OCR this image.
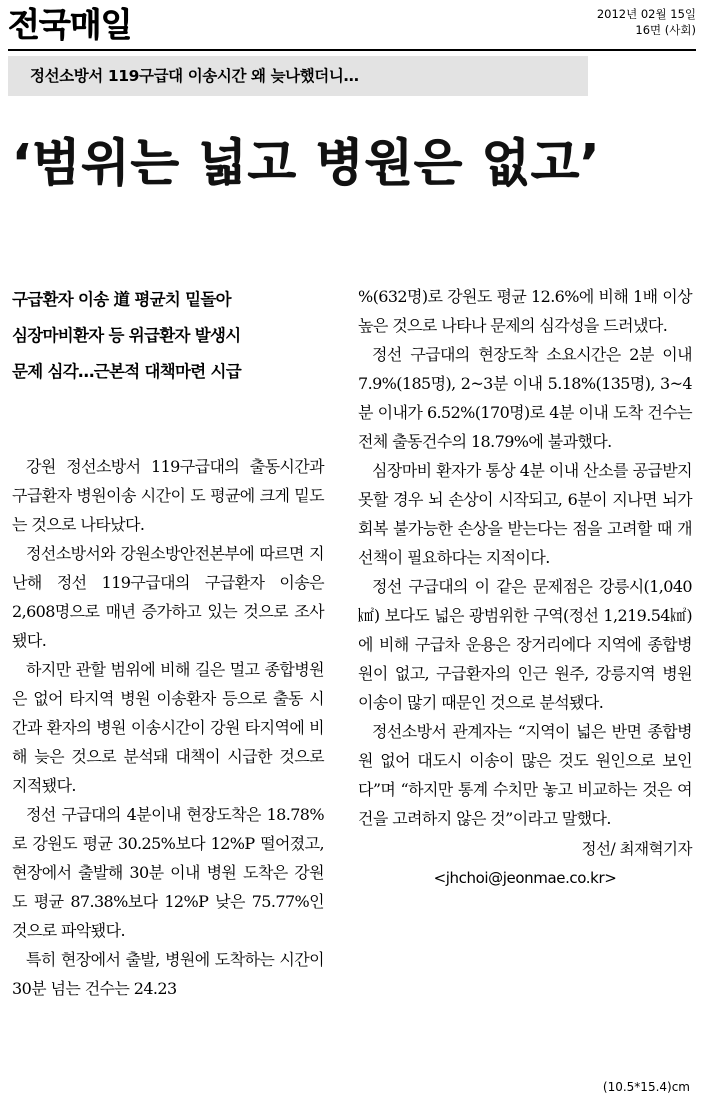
전국매일	2012년 02월 15일
16면 (사회)
정선소방서 119구급대 이송시간 왜 늦나했더니…
‘범위는 넓고 병원은 없고’
구급환자 이송 道 평균치 밑돌아
심장마비환자 등 위급환자 발생시
문제 심각…근본적 대책마련 시급

강원 정선소방서 119구급대의 출동시간과 구급환자 병원이송 시간이 도 평균에 크게 밑도는 것으로 나타났다.

정선소방서와 강원소방안전본부에 따르면 지난해 정선 119구급대의 구급환자 이송은 2,608명으로 매년 증가하고 있는 것으로 조사됐다.

하지만 관할 범위에 비해 길은 멀고 종합병원은 없어 타지역 병원 이송환자 등으로 출동 시간과 환자의 병원 이송시간이 강원 타지역에 비해 늦은 것으로 분석돼 대책이 시급한 것으로 지적됐다.

정선 구급대의 4분이내 현장도착은 18.78%로 강원도 평균 30.25%보다 12%P 떨어졌고, 현장에서 출발해 30분 이내 병원 도착은 강원도 평균 87.38%보다 12%P 낮은 75.77%인 것으로 파악됐다.

특히 현장에서 출발, 병원에 도착하는 시간이 30분 넘는 건수는 24.23

%(632명)로 강원도 평균 12.6%에 비해 1배 이상 높은 것으로 나타나 문제의 심각성을 드러냈다.

정선 구급대의 현장도착 소요시간은 2분 이내 7.9%(185명), 2~3분 이내 5.18%(135명), 3~4분 이내가 6.52%(170명)로 4분 이내 도착 건수는 전체 출동건수의 18.79%에 불과했다.

심장마비 환자가 통상 4분 이내 산소를 공급받지 못할 경우 뇌 손상이 시작되고, 6분이 지나면 뇌가 회복 불가능한 손상을 받는다는 점을 고려할 때 개선책이 필요하다는 지적이다.

정선 구급대의 이 같은 문제점은 강릉시(1,040㎢) 보다도 넓은 광범위한 구역(정선 1,219.54㎢)에 비해 구급차 운용은 장거리에다 지역에 종합병원이 없고, 구급환자의 인근 원주, 강릉지역 병원 이송이 많기 때문인 것으로 분석됐다.

정선소방서 관계자는 “지역이 넓은 반면 종합병원 없어 대도시 이송이 많은 것도 원인으로 보인다”며 “하지만 통계 수치만 놓고 비교하는 것은 여건을 고려하지 않은 것”이라고 말했다.

정선/ 최재혁기자
<jhchoi@jeonmae.co.kr>
(10.5*15.4)cm
